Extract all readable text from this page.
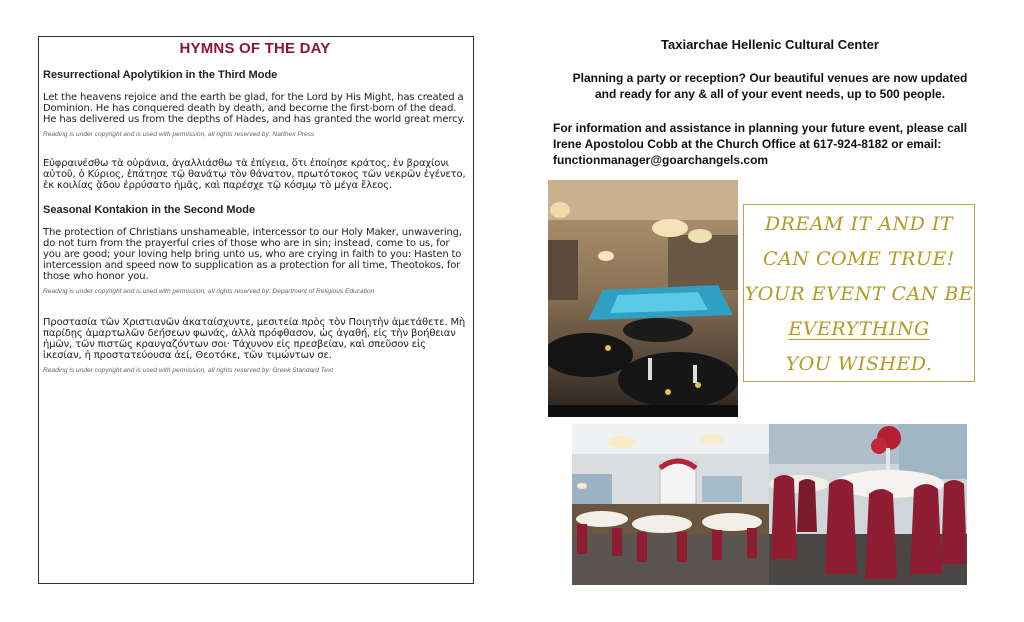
HYMNS OF THE DAY
Resurrectional Apolytikion in the Third Mode
Let the heavens rejoice and the earth be glad, for the Lord by His Might, has created a Dominion. He has conquered death by death, and become the first-born of the dead. He has delivered us from the depths of Hades, and has granted the world great mercy.
Reading is under copyright and is used with permission, all rights reserved by: Narthex Press
Εὐφραινέσθω τὰ οὐράνια, ἀγαλλιάσθω τὰ ἐπίγεια, ὅτι ἐποίησε κράτος, ἐν βραχίονι αὐτοῦ, ὁ Κύριος, ἐπάτησε τῷ θανάτῳ τὸν θάνατον, πρωτότοκος τῶν νεκρῶν ἐγένετο, ἐκ κοιλίας ᾅδου ἐρρύσατο ἡμᾶς, καὶ παρέσχε τῷ κόσμῳ τὸ μέγα ἔλεος.
Seasonal Kontakion in the Second Mode
The protection of Christians unshameable, intercessor to our Holy Maker, unwavering, do not turn from the prayerful cries of those who are in sin; instead, come to us, for you are good; your loving help bring unto us, who are crying in faith to you: Hasten to intercession and speed now to supplication as a protection for all time, Theotokos, for those who honor you.
Reading is under copyright and is used with permission, all rights reserved by: Department of Religious Education
Προστασία τῶν Χριστιανῶν ἀκαταίσχυντε, μεσιτεία πρὸς τὸν Ποιητὴν ἀμετάθετε. Μὴ παρίδῃς ἁμαρτωλῶν δεήσεων φωνάς, ἀλλὰ πρόφθασον, ὡς ἀγαθή, εἰς τὴν βοήθειαν ἡμῶν, τῶν πιστῶς κραυγαζόντων σοι· Τάχυνον εἰς πρεσβείαν, καὶ σπεῦσον εἰς ἱκεσίαν, ἡ προστατεύουσα ἀεί, Θεοτόκε, τῶν τιμώντων σε.
Reading is under copyright and is used with permission, all rights reserved by: Greek Standard Text
Taxiarchae Hellenic Cultural Center
Planning a party or reception? Our beautiful venues are now updated
and ready for any & all of your event needs, up to 500 people.
For information and assistance in planning your future event, please call
Irene Apostolou Cobb at the Church Office at 617-924-8182 or email:
functionmanager@goarchangels.com
DREAM IT AND IT
CAN COME TRUE!
YOUR EVENT CAN BE
EVERYTHING
YOU WISHED.
